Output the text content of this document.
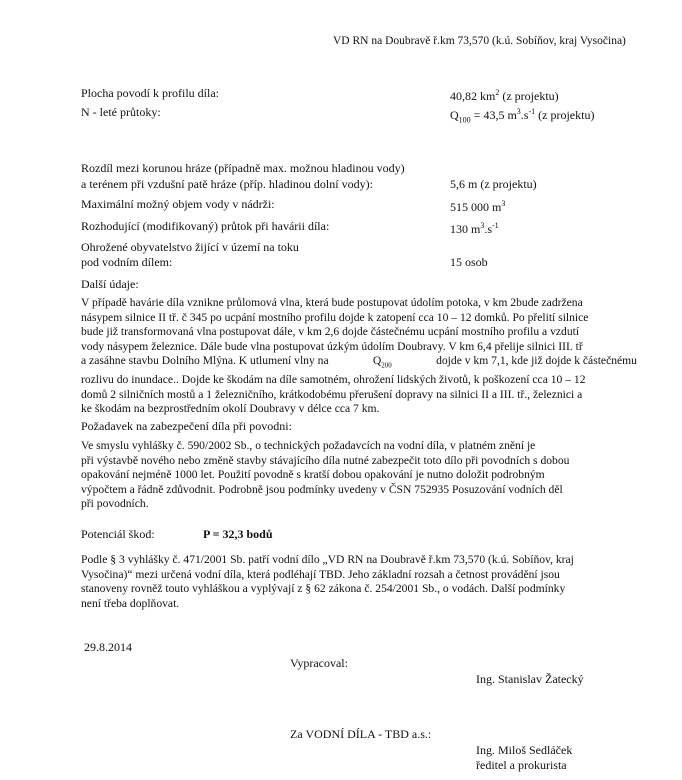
VD RN na Doubravě ř.km 73,570 (k.ú. Sobíňov, kraj Vysočina)
Plocha povodí k profilu díla:	40,82 $km^2$ (z projektu)
N - leté průtoky:	$Q_{100} = 43,5$ $m^3.s^{-1}$ (z projektu)
Rozdíl mezi korunou hráze (případně max. možnou hladinou vody)
a terénem při vzdušní patě hráze (příp. hladinou dolní vody):	5,6 m (z projektu)
Maximální možný objem vody v nádrži:	515 000 $m^3$
Rozhodující (modifikovaný) průtok při havárii díla:	130 $m^3.s^{-1}$
Ohrožené obyvatelstvo žijící v území na toku
pod vodním dílem:	15 osob
Další údaje:
V případě havárie díla vznikne průlomová vlna, která bude postupovat údolím potoka, v km 2bude zadržena
násypem silnice II tř. č 345 po ucpání mostního profilu dojde k zatopení cca 10 – 12 domků. Po přelití silnice
bude již transformovaná vlna postupovat dále, v km 2,6 dojde částečnému ucpání mostního profilu a vzdutí
vody násypem železnice. Dále bude vlna postupovat úzkým údolím Doubravy. V km 6,4 přelije silnici III. tř
a zasáhne stavbu Dolního Mlýna. K utlumení vlny na	$Q_{200}$	dojde v km 7,1, kde již dojde k částečnému
rozlivu do inundace.. Dojde ke škodám na díle samotném, ohrožení lidských životů, k poškození cca 10 – 12
domů 2 silničních mostů a 1 železničního, krátkodobému přerušení dopravy na silnici II a III. tř., železnici a
ke škodám na bezprostředním okolí Doubravy v délce cca 7 km.
Požadavek na zabezpečení díla při povodni:
Ve smyslu vyhlášky č. 590/2002 Sb., o technických požadavcích na vodní díla, v platném znění je
při výstavbě nového nebo změně stavby stávajícího díla nutné zabezpečit toto dílo při povodních s dobou
opakování nejméně 1000 let. Použití povodně s kratší dobou opakování je nutno doložit podrobným
výpočtem a řádně zdůvodnit. Podrobně jsou podmínky uvedeny v ČSN 752935 Posuzování vodních děl
při povodních.
Potenciál škod:	P = 32,3 bodů
Podle § 3 vyhlášky č. 471/2001 Sb. patří vodní dílo „VD RN na Doubravě ř.km 73,570 (k.ú. Sobíňov, kraj
Vysočina)“ mezi určená vodní díla, která podléhají TBD. Jeho základní rozsah a četnost provádění jsou
stanoveny rovněž touto vyhláškou a vyplývají z § 62 zákona č. 254/2001 Sb., o vodách. Další podmínky
není třeba doplňovat.
29.8.2014
Vypracoval:
Ing. Stanislav Žatecký
Za VODNÍ DÍLA - TBD a.s.:
Ing. Miloš Sedláček
ředitel a prokurista
